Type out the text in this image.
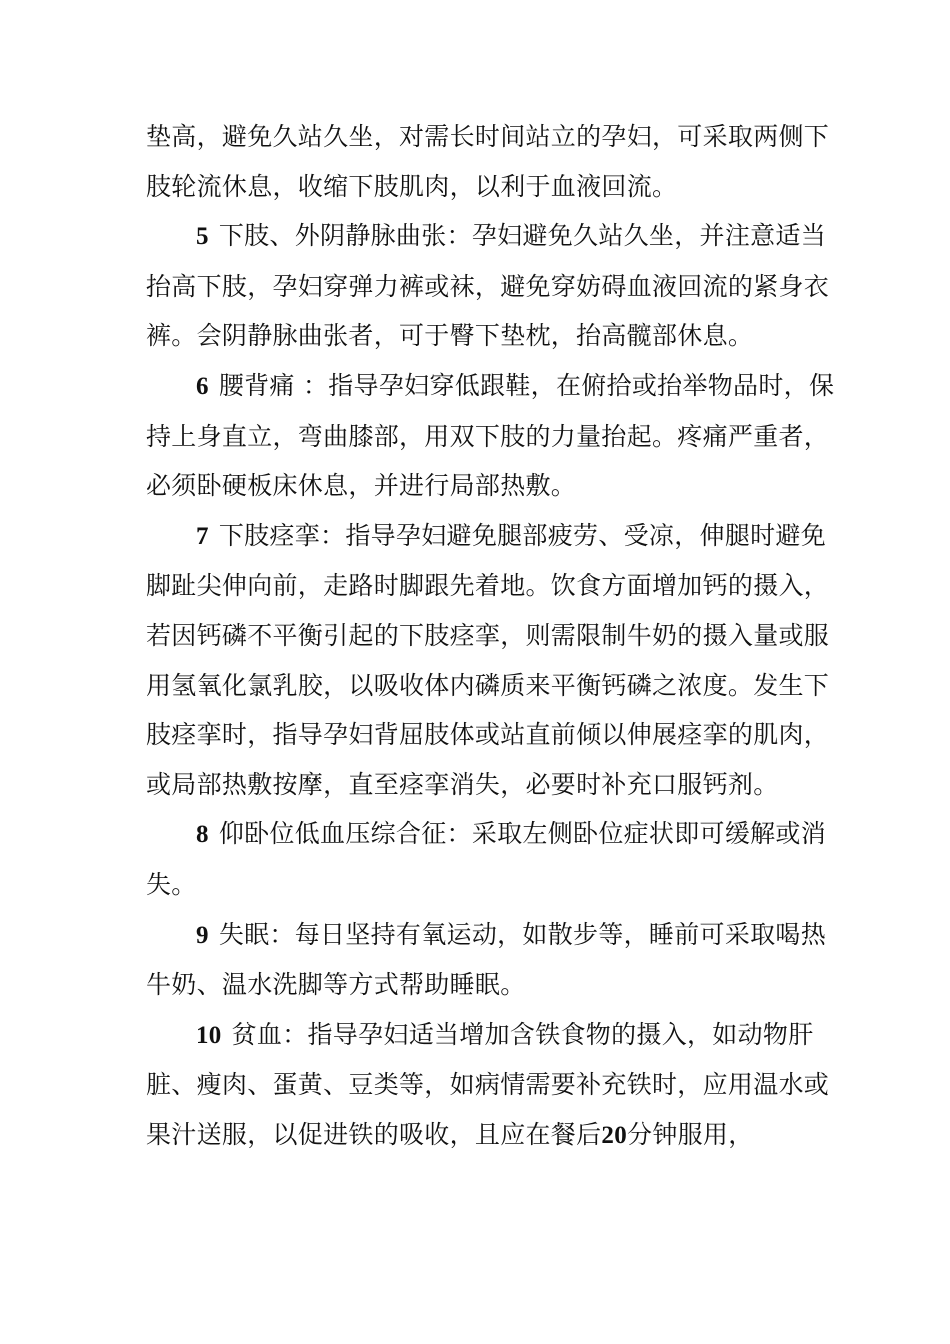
垫高，避免久站久坐，对需长时间站立的孕妇，可采取两侧下肢轮流休息，收缩下肢肌肉，以利于血液回流。

5 下肢、外阴静脉曲张：孕妇避免久站久坐，并注意适当抬高下肢，孕妇穿弹力裤或袜，避免穿妨碍血液回流的紧身衣裤。会阴静脉曲张者，可于臀下垫枕，抬高髋部休息。

6 腰背痛 ：指导孕妇穿低跟鞋，在俯拾或抬举物品时，保持上身直立，弯曲膝部，用双下肢的力量抬起。疼痛严重者，必须卧硬板床休息，并进行局部热敷。

7 下肢痉挛：指导孕妇避免腿部疲劳、受凉，伸腿时避免脚趾尖伸向前，走路时脚跟先着地。饮食方面增加钙的摄入，若因钙磷不平衡引起的下肢痉挛，则需限制牛奶的摄入量或服用氢氧化氯乳胶，以吸收体内磷质来平衡钙磷之浓度。发生下肢痉挛时，指导孕妇背屈肢体或站直前倾以伸展痉挛的肌肉，或局部热敷按摩，直至痉挛消失，必要时补充口服钙剂。

8 仰卧位低血压综合征：采取左侧卧位症状即可缓解或消失。

9 失眠：每日坚持有氧运动，如散步等，睡前可采取喝热牛奶、温水洗脚等方式帮助睡眠。

10 贫血：指导孕妇适当增加含铁食物的摄入，如动物肝脏、瘦肉、蛋黄、豆类等，如病情需要补充铁时，应用温水或果汁送服，以促进铁的吸收，且应在餐后20分钟服用，
